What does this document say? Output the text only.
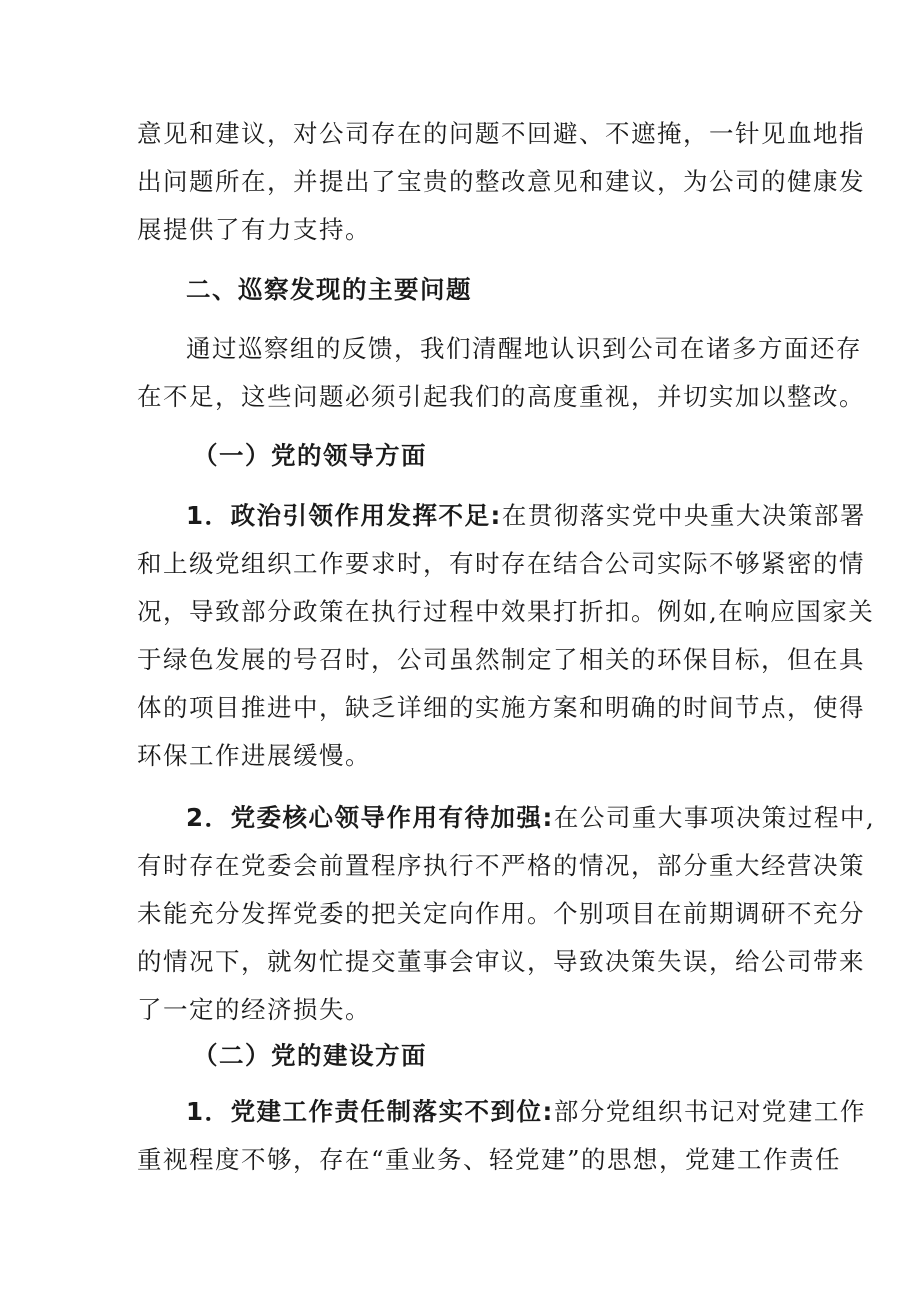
意见和建议，对公司存在的问题不回避、不遮掩，一针见血地指
出问题所在，并提出了宝贵的整改意见和建议，为公司的健康发
展提供了有力支持。
二、巡察发现的主要问题
通过巡察组的反馈，我们清醒地认识到公司在诸多方面还存
在不足，这些问题必须引起我们的高度重视，并切实加以整改。
（一）党的领导方面
1．政治引领作用发挥不足:在贯彻落实党中央重大决策部署
和上级党组织工作要求时，有时存在结合公司实际不够紧密的情
况，导致部分政策在执行过程中效果打折扣。例如,在响应国家关
于绿色发展的号召时，公司虽然制定了相关的环保目标，但在具
体的项目推进中，缺乏详细的实施方案和明确的时间节点，使得
环保工作进展缓慢。
2．党委核心领导作用有待加强:在公司重大事项决策过程中,
有时存在党委会前置程序执行不严格的情况，部分重大经营决策
未能充分发挥党委的把关定向作用。个别项目在前期调研不充分
的情况下，就匆忙提交董事会审议，导致决策失误，给公司带来
了一定的经济损失。
（二）党的建设方面
1．党建工作责任制落实不到位:部分党组织书记对党建工作
重视程度不够，存在“重业务、轻党建”的思想，党建工作责任
